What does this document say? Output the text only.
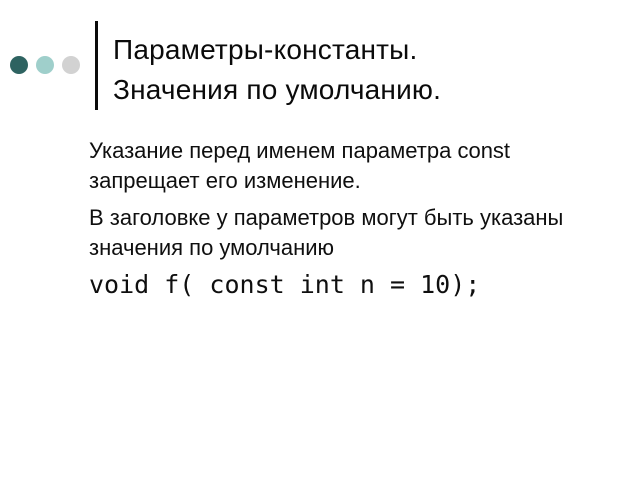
Параметры-константы.
Значения по умолчанию.

Указание перед именем параметра const запрещает его изменение.

В заголовке у параметров могут быть указаны значения по умолчанию

void f( const int n = 10);
